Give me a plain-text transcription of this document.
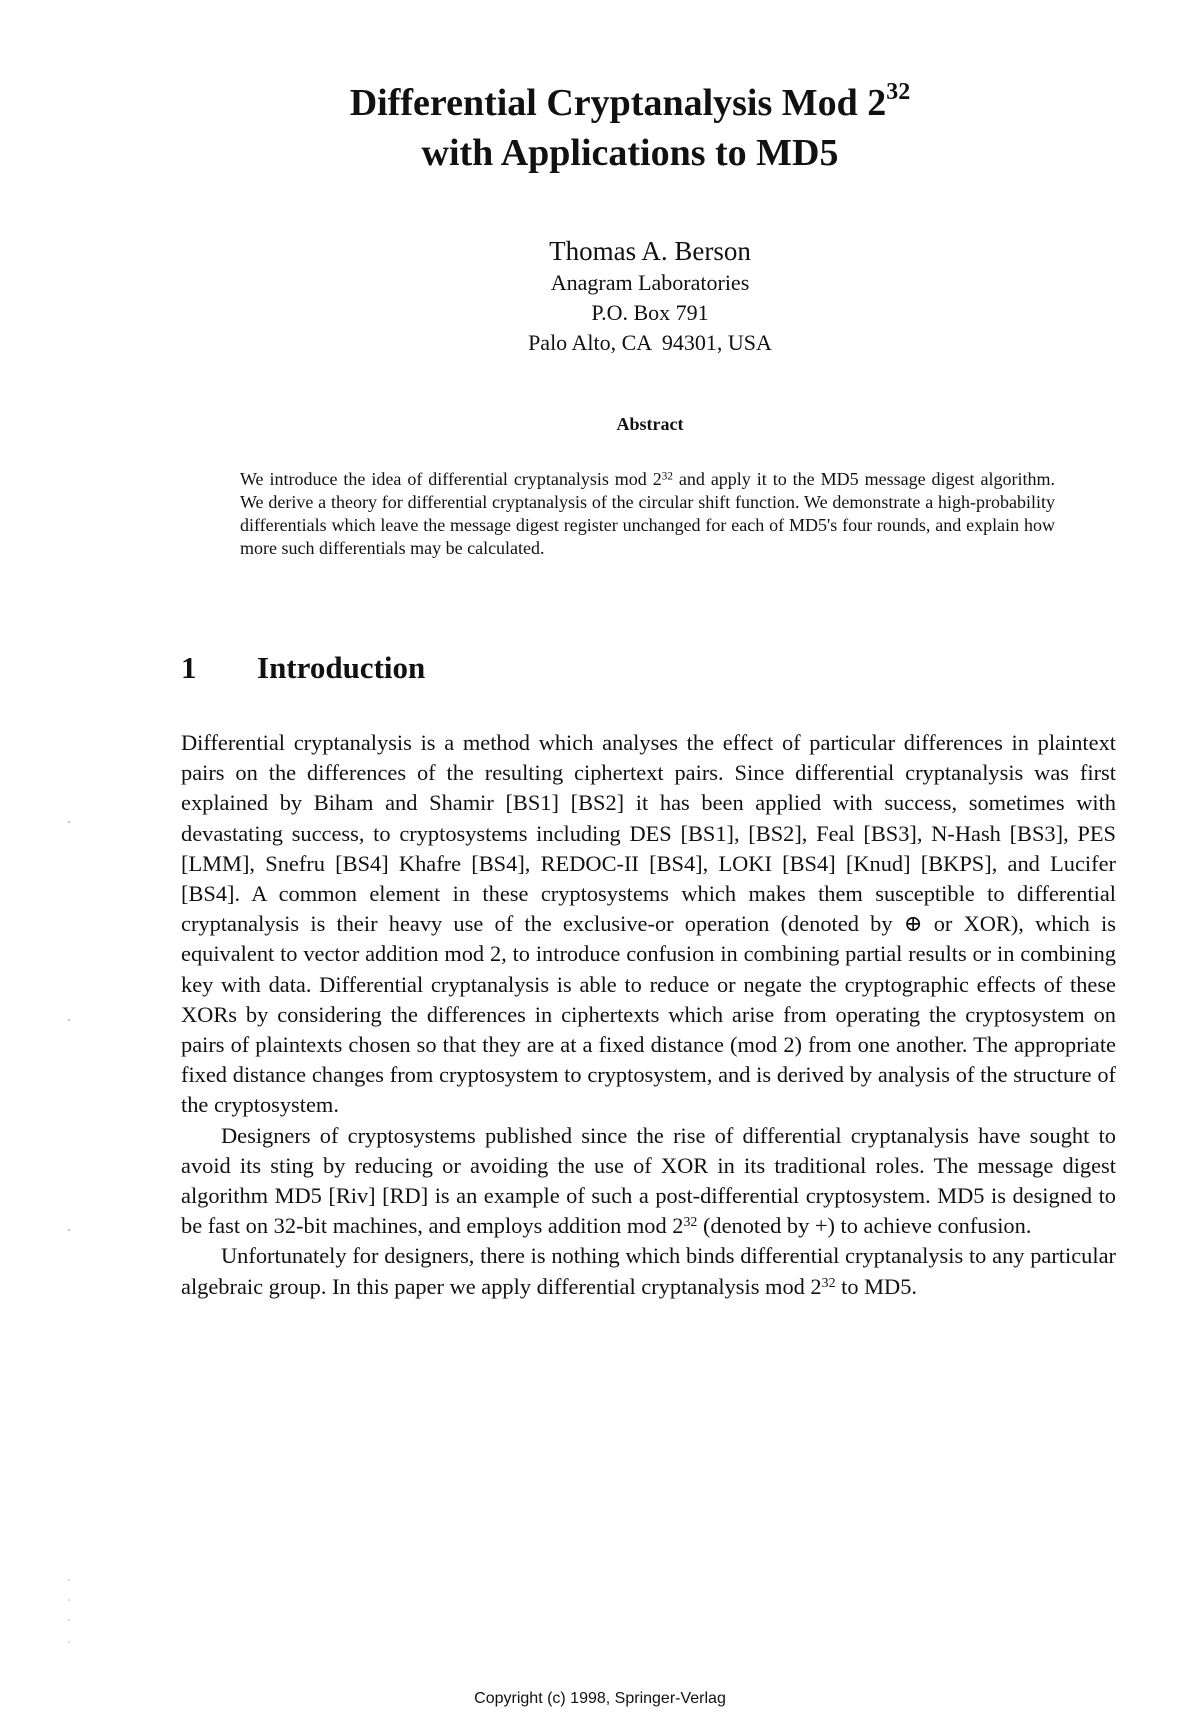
Differential Cryptanalysis Mod $2^{32}$
with Applications to MD5
Thomas A. Berson
Anagram Laboratories
P.O. Box 791
Palo Alto, CA  94301, USA
Abstract
We introduce the idea of differential cryptanalysis mod $2^{32}$ and apply it to the MD5 message digest algorithm. We derive a theory for differential cryptanalysis of the circular shift function. We demonstrate a high-probability differentials which leave the message digest register unchanged for each of MD5's four rounds, and explain how more such differentials may be calculated.
1 Introduction

Differential cryptanalysis is a method which analyses the effect of particular differences in plaintext pairs on the differences of the resulting ciphertext pairs. Since differential cryptanalysis was first explained by Biham and Shamir [BS1] [BS2] it has been applied with success, sometimes with devastating success, to cryptosystems including DES [BS1], [BS2], Feal [BS3], N-Hash [BS3], PES [LMM], Snefru [BS4] Khafre [BS4], REDOC-II [BS4], LOKI [BS4] [Knud] [BKPS], and Lucifer [BS4]. A common element in these cryptosystems which makes them susceptible to differential cryptanalysis is their heavy use of the exclusive-or operation (denoted by ⊕ or XOR), which is equivalent to vector addition mod 2, to introduce confusion in combining partial results or in combining key with data. Differential cryptanalysis is able to reduce or negate the cryptographic effects of these XORs by considering the differences in ciphertexts which arise from operating the cryptosystem on pairs of plaintexts chosen so that they are at a fixed distance (mod 2) from one another. The appropriate fixed distance changes from cryptosystem to cryptosystem, and is derived by analysis of the structure of the cryptosystem.

Designers of cryptosystems published since the rise of differential cryptanalysis have sought to avoid its sting by reducing or avoiding the use of XOR in its traditional roles. The message digest algorithm MD5 [Riv] [RD] is an example of such a post-differential cryptosystem. MD5 is designed to be fast on 32-bit machines, and employs addition mod $2^{32}$ (denoted by +) to achieve confusion.

Unfortunately for designers, there is nothing which binds differential cryptanalysis to any particular algebraic group. In this paper we apply differential cryptanalysis mod $2^{32}$ to MD5.

Copyright (c) 1998, Springer-Verlag
